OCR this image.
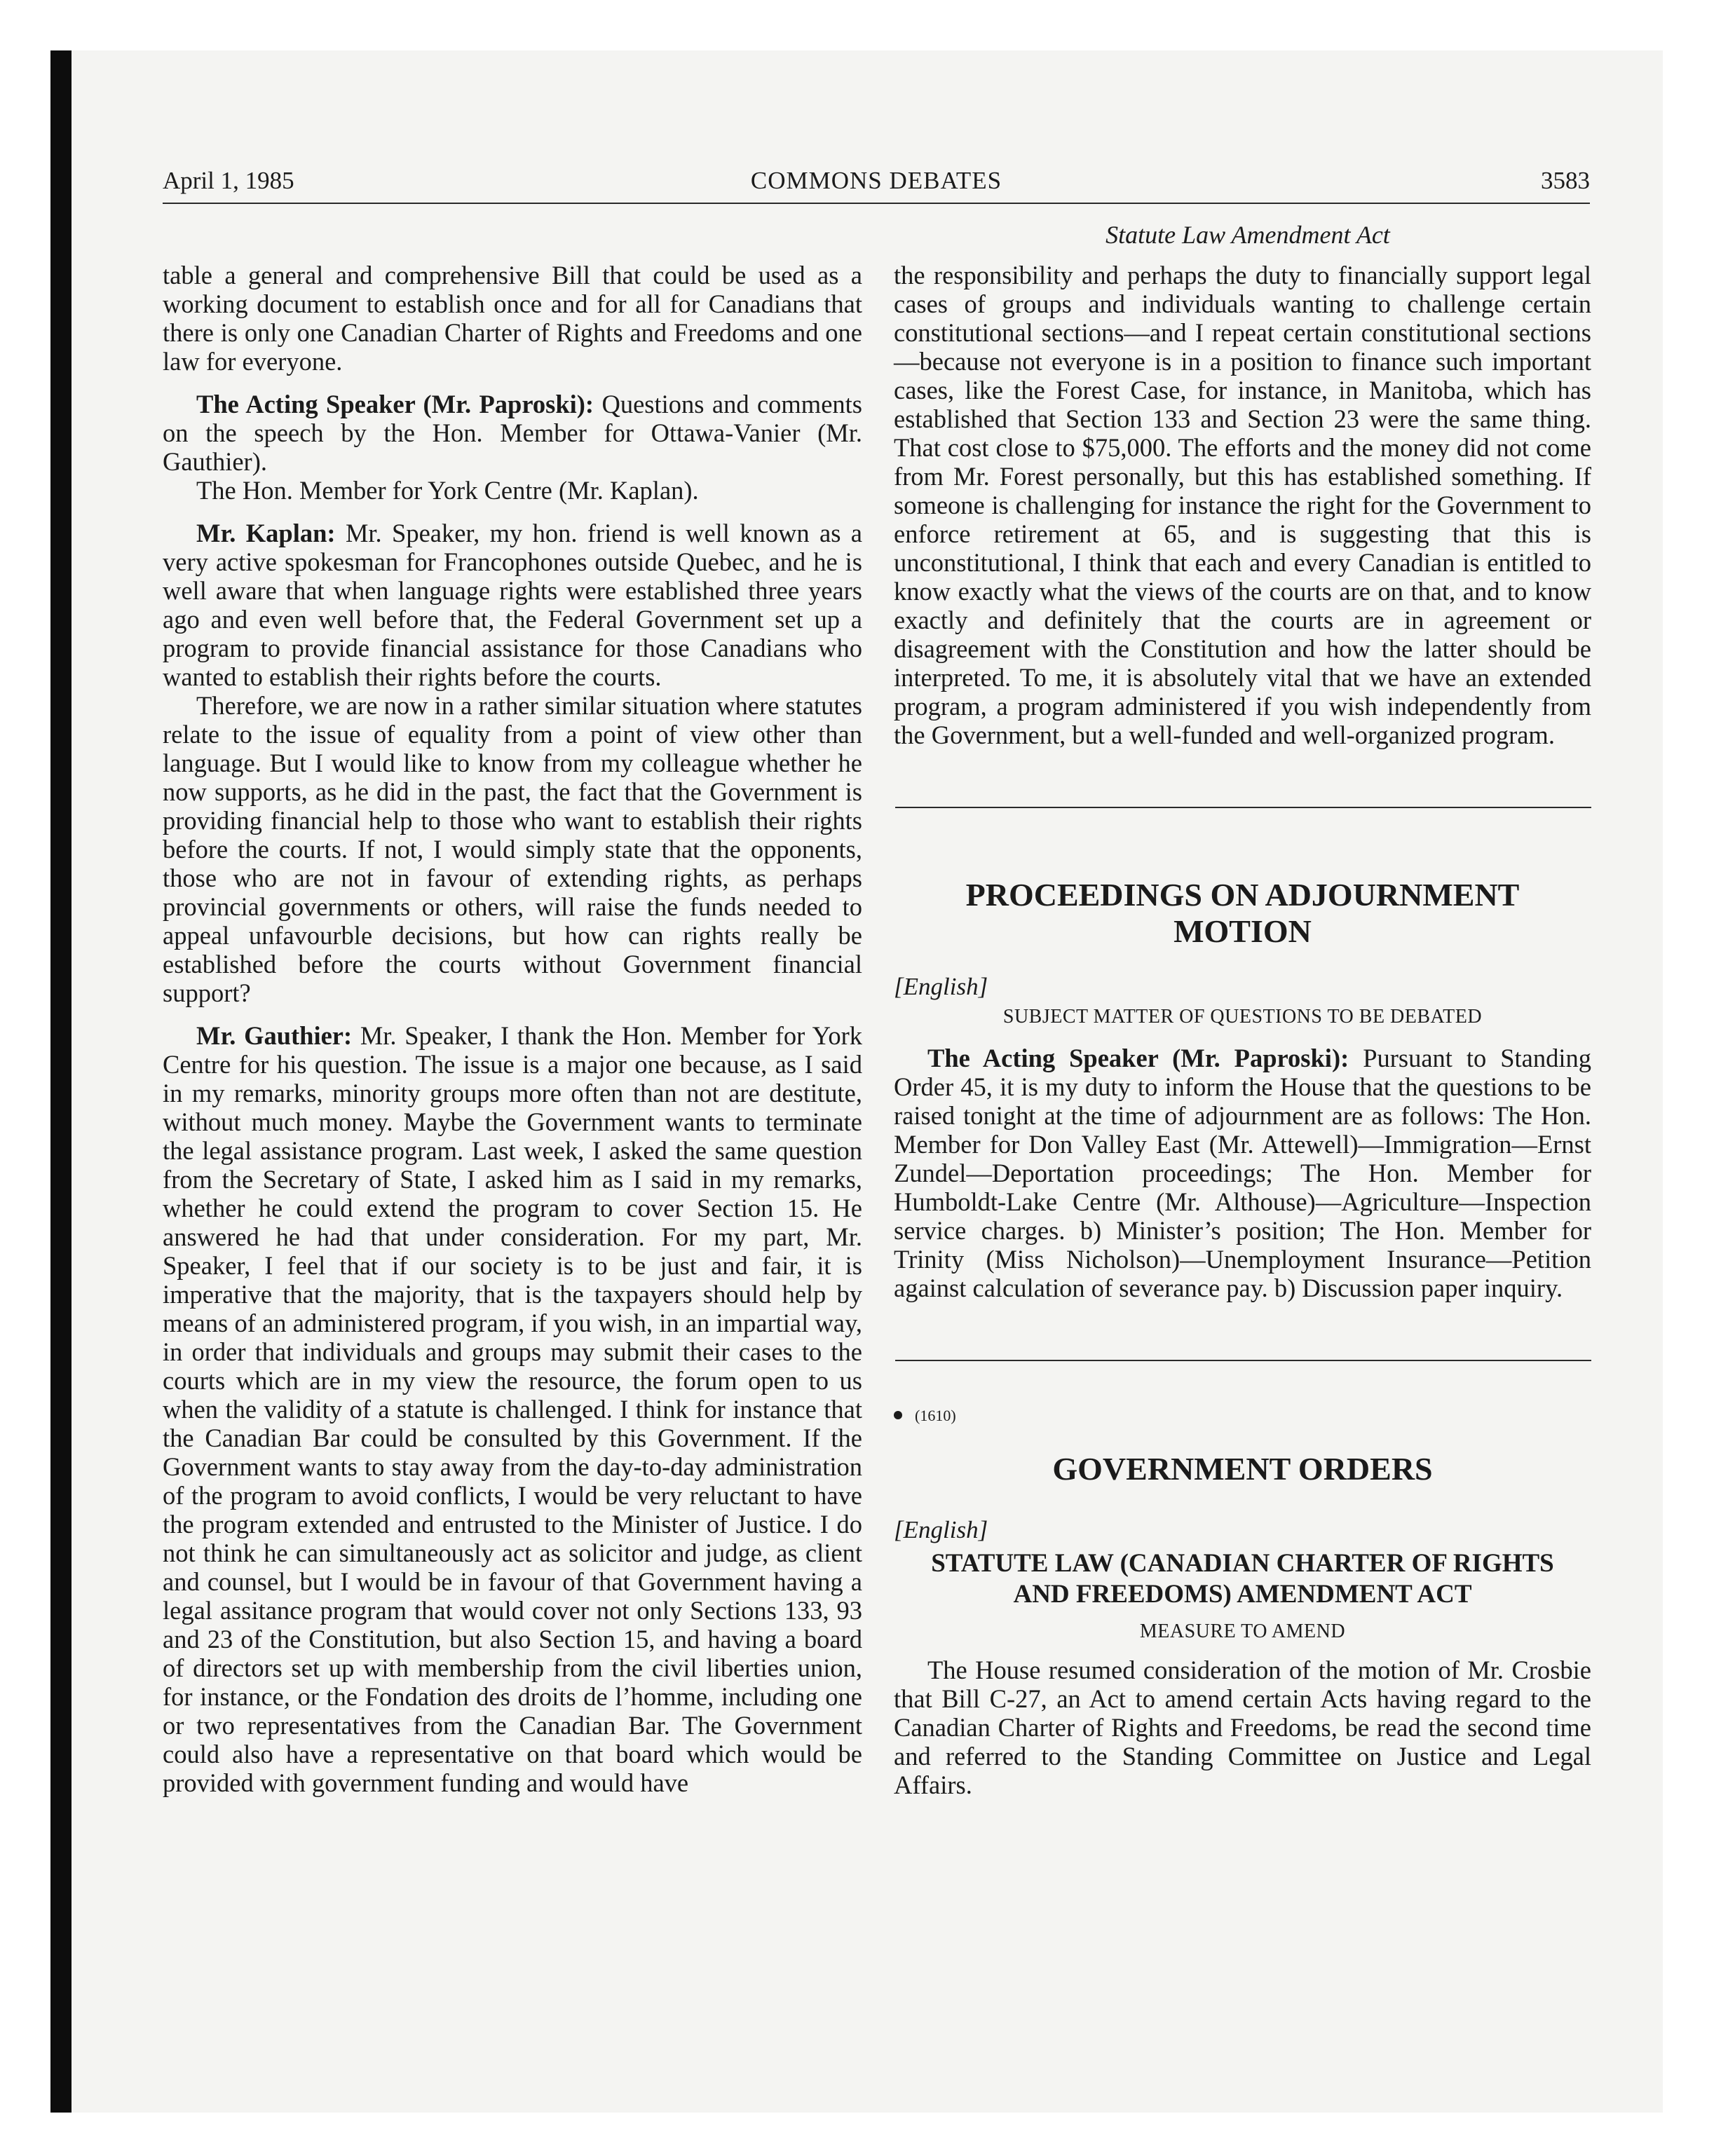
COMMONS DEBATES
April 1, 1985	3583
Statute Law Amendment Act

table a general and comprehensive Bill that could be used as a working document to establish once and for all for Canadians that there is only one Canadian Charter of Rights and Freedoms and one law for everyone.

The Acting Speaker (Mr. Paproski): Questions and comments on the speech by the Hon. Member for Ottawa-Vanier (Mr. Gauthier).

The Hon. Member for York Centre (Mr. Kaplan).

Mr. Kaplan: Mr. Speaker, my hon. friend is well known as a very active spokesman for Francophones outside Quebec, and he is well aware that when language rights were established three years ago and even well before that, the Federal Government set up a program to provide financial assistance for those Canadians who wanted to establish their rights before the courts.

Therefore, we are now in a rather similar situation where statutes relate to the issue of equality from a point of view other than language. But I would like to know from my colleague whether he now supports, as he did in the past, the fact that the Government is providing financial help to those who want to establish their rights before the courts. If not, I would simply state that the opponents, those who are not in favour of extending rights, as perhaps provincial governments or others, will raise the funds needed to appeal unfavourble decisions, but how can rights really be established before the courts without Government financial support?

Mr. Gauthier: Mr. Speaker, I thank the Hon. Member for York Centre for his question. The issue is a major one because, as I said in my remarks, minority groups more often than not are destitute, without much money. Maybe the Government wants to terminate the legal assistance program. Last week, I asked the same question from the Secretary of State, I asked him as I said in my remarks, whether he could extend the program to cover Section 15. He answered he had that under consideration. For my part, Mr. Speaker, I feel that if our society is to be just and fair, it is imperative that the majority, that is the taxpayers should help by means of an administered program, if you wish, in an impartial way, in order that individuals and groups may submit their cases to the courts which are in my view the resource, the forum open to us when the validity of a statute is challenged. I think for instance that the Canadian Bar could be consulted by this Government. If the Government wants to stay away from the day-to-day administration of the program to avoid conflicts, I would be very reluctant to have the program extended and entrusted to the Minister of Justice. I do not think he can simultaneously act as solicitor and judge, as client and counsel, but I would be in favour of that Government having a legal assitance program that would cover not only Sections 133, 93 and 23 of the Constitution, but also Section 15, and having a board of directors set up with membership from the civil liberties union, for instance, or the Fondation des droits de l’homme, including one or two representatives from the Canadian Bar. The Government could also have a representative on that board which would be provided with government funding and would have

the responsibility and perhaps the duty to financially support legal cases of groups and individuals wanting to challenge certain constitutional sections—and I repeat certain constitutional sections—because not everyone is in a position to finance such important cases, like the Forest Case, for instance, in Manitoba, which has established that Section 133 and Section 23 were the same thing. That cost close to $75,000. The efforts and the money did not come from Mr. Forest personally, but this has established something. If someone is challenging for instance the right for the Government to enforce retirement at 65, and is suggesting that this is unconstitutional, I think that each and every Canadian is entitled to know exactly what the views of the courts are on that, and to know exactly and definitely that the courts are in agreement or disagreement with the Constitution and how the latter should be interpreted. To me, it is absolutely vital that we have an extended program, a program administered if you wish independently from the Government, but a well-funded and well-organized program.

PROCEEDINGS ON ADJOURNMENT
MOTION
[English]
SUBJECT MATTER OF QUESTIONS TO BE DEBATED

The Acting Speaker (Mr. Paproski): Pursuant to Standing Order 45, it is my duty to inform the House that the questions to be raised tonight at the time of adjournment are as follows: The Hon. Member for Don Valley East (Mr. Attewell)—Immigration—Ernst Zundel—Deportation proceedings; The Hon. Member for Humboldt-Lake Centre (Mr. Althouse)—Agriculture—Inspection service charges. b) Minister’s position; The Hon. Member for Trinity (Miss Nicholson)—Unemployment Insurance—Petition against calculation of severance pay. b) Discussion paper inquiry.

(1610)
GOVERNMENT ORDERS
[English]
STATUTE LAW (CANADIAN CHARTER OF RIGHTS
AND FREEDOMS) AMENDMENT ACT
MEASURE TO AMEND

The House resumed consideration of the motion of Mr. Crosbie that Bill C-27, an Act to amend certain Acts having regard to the Canadian Charter of Rights and Freedoms, be read the second time and referred to the Standing Committee on Justice and Legal Affairs.
